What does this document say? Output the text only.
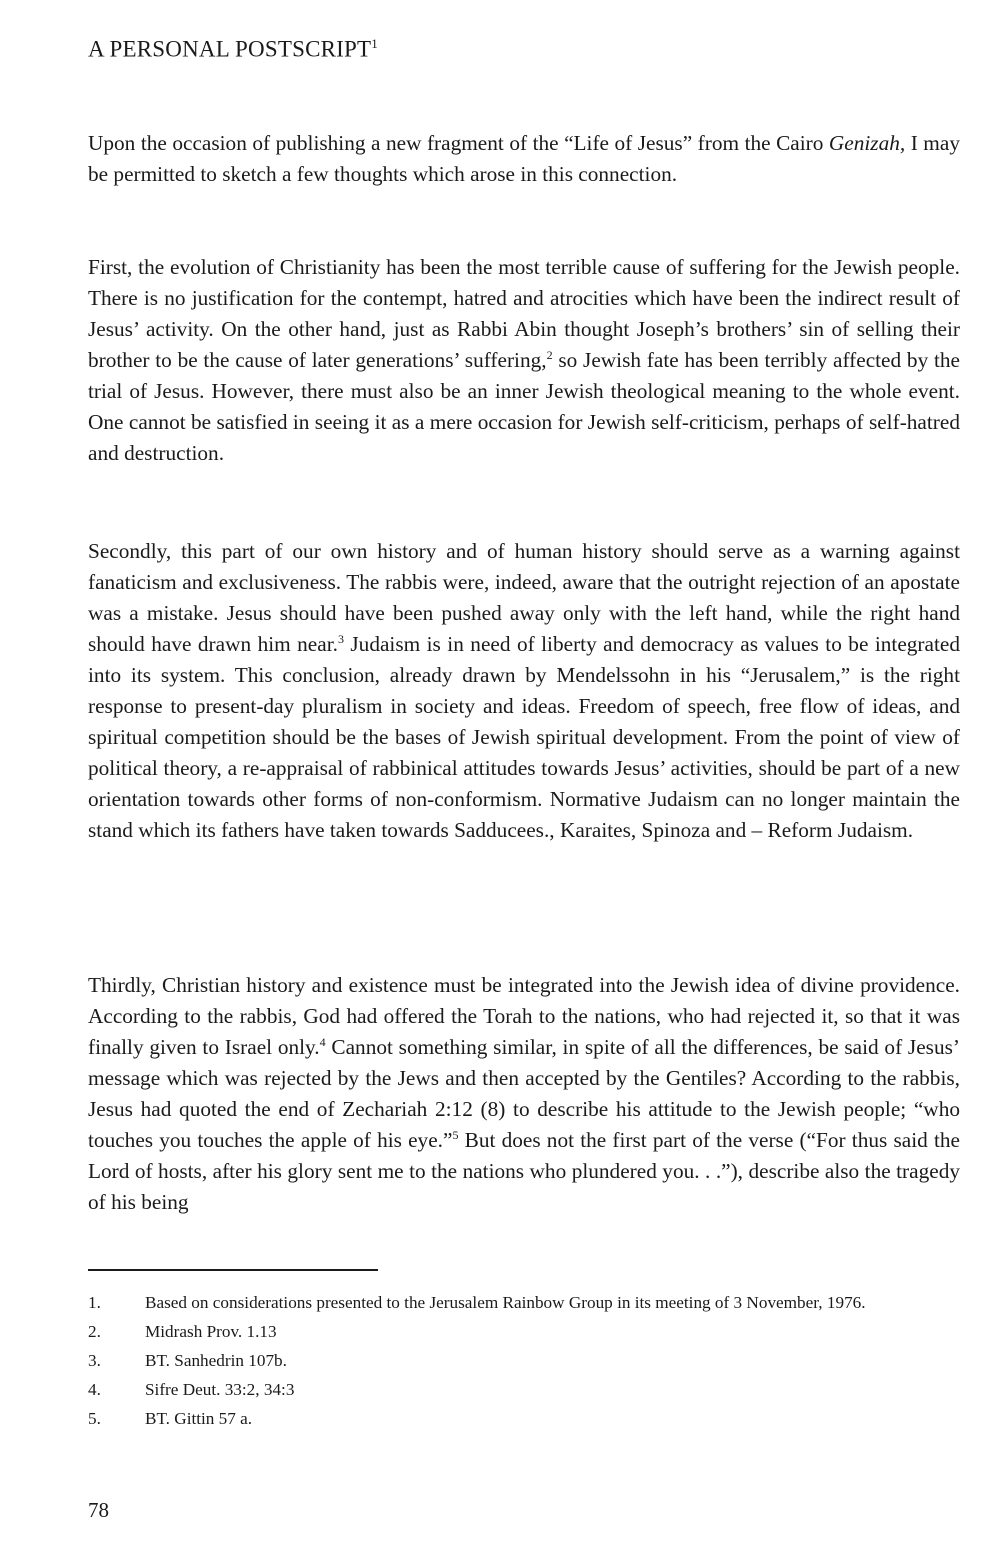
A PERSONAL POSTSCRIPT$^1$

Upon the occasion of publishing a new fragment of the “Life of Jesus” from the Cairo Genizah, I may be permitted to sketch a few thoughts which arose in this connection.

First, the evolution of Christianity has been the most terrible cause of suffering for the Jewish people. There is no justification for the contempt, hatred and atrocities which have been the indirect result of Jesus’ activity. On the other hand, just as Rabbi Abin thought Joseph’s brothers’ sin of selling their brother to be the cause of later generations’ suffering,$^2$ so Jewish fate has been terribly affected by the trial of Jesus. However, there must also be an inner Jewish theological meaning to the whole event. One cannot be satisfied in seeing it as a mere occasion for Jewish self-criticism, perhaps of self-hatred and destruction.

Secondly, this part of our own history and of human history should serve as a warning against fanaticism and exclusiveness. The rabbis were, indeed, aware that the outright rejection of an apostate was a mistake. Jesus should have been pushed away only with the left hand, while the right hand should have drawn him near.$^3$ Judaism is in need of liberty and democracy as values to be integrated into its system. This conclusion, already drawn by Mendelssohn in his “Jerusalem,” is the right response to present-day pluralism in society and ideas. Freedom of speech, free flow of ideas, and spiritual competition should be the bases of Jewish spiritual development. From the point of view of political theory, a re-appraisal of rabbinical attitudes towards Jesus’ activities, should be part of a new orientation towards other forms of non-conformism. Normative Judaism can no longer maintain the stand which its fathers have taken towards Sadducees., Karaites, Spinoza and – Reform Judaism.

Thirdly, Christian history and existence must be integrated into the Jewish idea of divine providence. According to the rabbis, God had offered the Torah to the nations, who had rejected it, so that it was finally given to Israel only.$^4$ Cannot something similar, in spite of all the differences, be said of Jesus’ message which was rejected by the Jews and then accepted by the Gentiles? According to the rabbis, Jesus had quoted the end of Zechariah 2:12 (8) to describe his attitude to the Jewish people; “who touches you touches the apple of his eye.”$^5$ But does not the first part of the verse (“For thus said the Lord of hosts, after his glory sent me to the nations who plundered you. . .”), describe also the tragedy of his being

1.	Based on considerations presented to the Jerusalem Rainbow Group in its meeting of 3 November, 1976.
2.	Midrash Prov. 1.13
3.	BT. Sanhedrin 107b.
4.	Sifre Deut. 33:2, 34:3
5.	BT. Gittin 57 a.
78
